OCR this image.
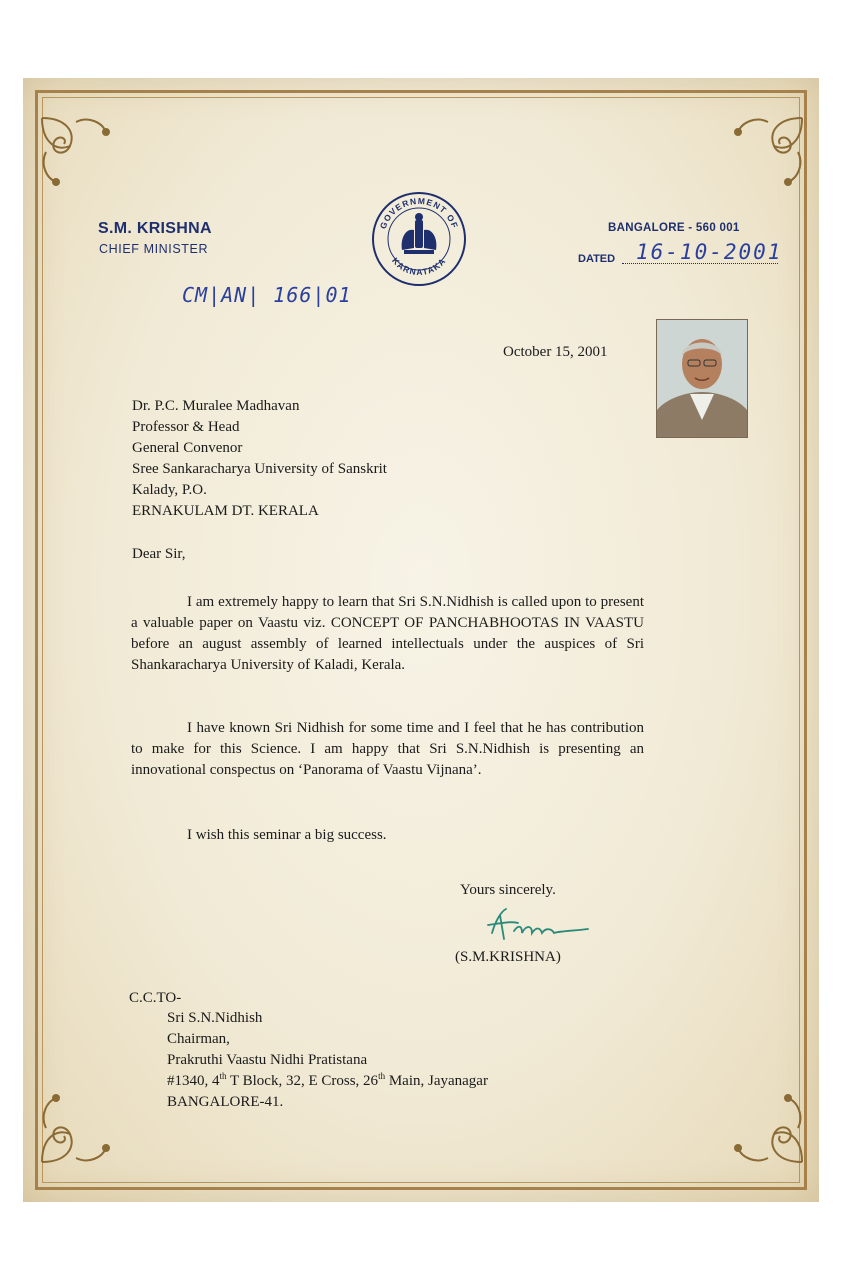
S.M. KRISHNA
CHIEF MINISTER
GOVERNMENT OF
KARNATAKA
BANGALORE - 560 001
DATED 16-10-2001
CM|AN| 166|01
October 15, 2001
Dr. P.C. Muralee Madhavan
Professor & Head
General Convenor
Sree Sankaracharya University of Sanskrit
Kalady, P.O.
ERNAKULAM DT. KERALA
Dear Sir,
I am extremely happy to learn that Sri S.N.Nidhish is called upon to present a valuable paper on Vaastu viz. CONCEPT OF PANCHABHOOTAS IN VAASTU before an august assembly of learned intellectuals under the auspices of Sri Shankaracharya University of Kaladi, Kerala.
I have known Sri Nidhish for some time and I feel that he has contribution to make for this Science. I am happy that Sri S.N.Nidhish is presenting an innovational conspectus on ‘Panorama of Vaastu Vijnana’.
I wish this seminar a big success.
Yours sincerely.
(S.M.KRISHNA)
C.C.TO-
Sri S.N.Nidhish
Chairman,
Prakruthi Vaastu Nidhi Pratistana
#1340, 4th T Block, 32, E Cross, 26th Main, Jayanagar
BANGALORE-41.
